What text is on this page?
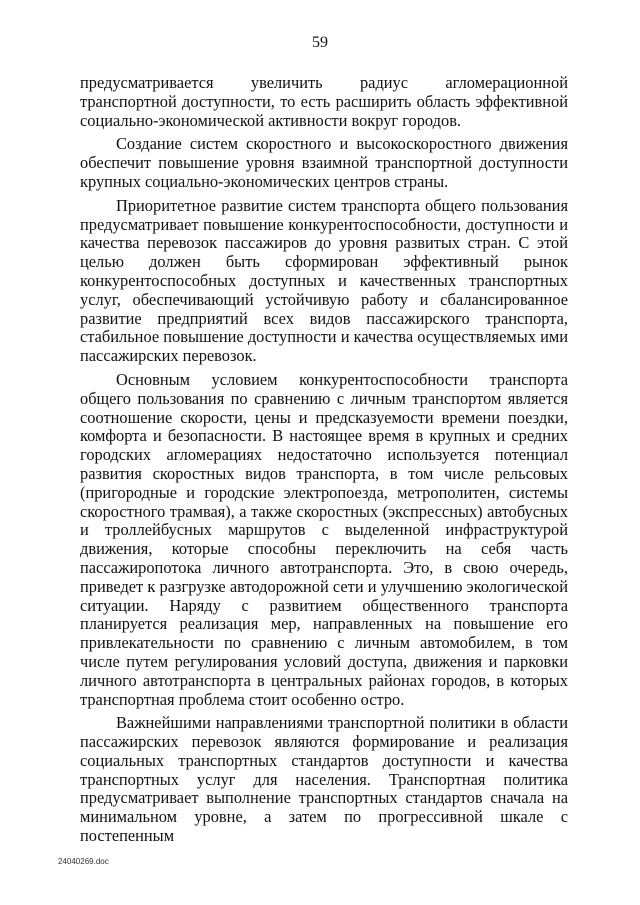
59

предусматривается увеличить радиус агломерационной транспортной доступности, то есть расширить область эффективной социально-экономической активности вокруг городов.

Создание систем скоростного и высокоскоростного движения обеспечит повышение уровня взаимной транспортной доступности крупных социально-экономических центров страны.

Приоритетное развитие систем транспорта общего пользования предусматривает повышение конкурентоспособности, доступности и качества перевозок пассажиров до уровня развитых стран. С этой целью должен быть сформирован эффективный рынок конкурентоспособных доступных и качественных транспортных услуг, обеспечивающий устойчивую работу и сбалансированное развитие предприятий всех видов пассажирского транспорта, стабильное повышение доступности и качества осуществляемых ими пассажирских перевозок.

Основным условием конкурентоспособности транспорта общего пользования по сравнению с личным транспортом является соотношение скорости, цены и предсказуемости времени поездки, комфорта и безопасности. В настоящее время в крупных и средних городских агломерациях недостаточно используется потенциал развития скоростных видов транспорта, в том числе рельсовых (пригородные и городские электропоезда, метрополитен, системы скоростного трамвая), а также скоростных (экспрессных) автобусных и троллейбусных маршрутов с выделенной инфраструктурой движения, которые способны переключить на себя часть пассажиропотока личного автотранспорта. Это, в свою очередь, приведет к разгрузке автодорожной сети и улучшению экологической ситуации. Наряду с развитием общественного транспорта планируется реализация мер, направленных на повышение его привлекательности по сравнению с личным автомобилем, в том числе путем регулирования условий доступа, движения и парковки личного автотранспорта в центральных районах городов, в которых транспортная проблема стоит особенно остро.

Важнейшими направлениями транспортной политики в области пассажирских перевозок являются формирование и реализация социальных транспортных стандартов доступности и качества транспортных услуг для населения. Транспортная политика предусматривает выполнение транспортных стандартов сначала на минимальном уровне, а затем по прогрессивной шкале с постепенным

24040269.doc
